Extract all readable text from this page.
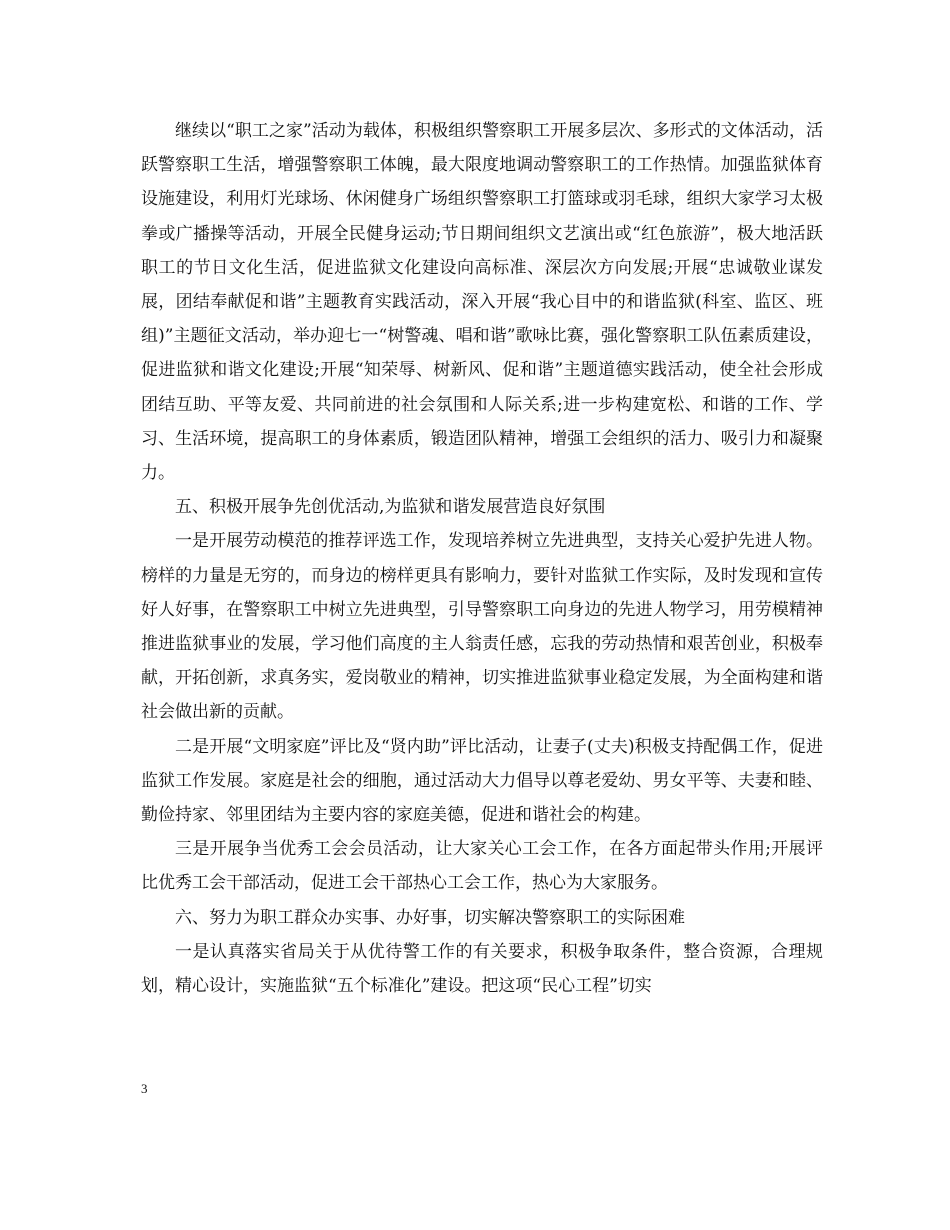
继续以“职工之家”活动为载体，积极组织警察职工开展多层次、多形式的文体活动，活跃警察职工生活，增强警察职工体魄，最大限度地调动警察职工的工作热情。加强监狱体育设施建设，利用灯光球场、休闲健身广场组织警察职工打篮球或羽毛球，组织大家学习太极拳或广播操等活动，开展全民健身运动;节日期间组织文艺演出或“红色旅游”，极大地活跃职工的节日文化生活，促进监狱文化建设向高标准、深层次方向发展;开展“忠诚敬业谋发展，团结奉献促和谐”主题教育实践活动，深入开展“我心目中的和谐监狱(科室、监区、班组)”主题征文活动，举办迎七一“树警魂、唱和谐”歌咏比赛，强化警察职工队伍素质建设，促进监狱和谐文化建设;开展“知荣辱、树新风、促和谐”主题道德实践活动，使全社会形成团结互助、平等友爱、共同前进的社会氛围和人际关系;进一步构建宽松、和谐的工作、学习、生活环境，提高职工的身体素质，锻造团队精神，增强工会组织的活力、吸引力和凝聚力。

五、积极开展争先创优活动,为监狱和谐发展营造良好氛围

一是开展劳动模范的推荐评选工作，发现培养树立先进典型，支持关心爱护先进人物。榜样的力量是无穷的，而身边的榜样更具有影响力，要针对监狱工作实际，及时发现和宣传好人好事，在警察职工中树立先进典型，引导警察职工向身边的先进人物学习，用劳模精神推进监狱事业的发展，学习他们高度的主人翁责任感，忘我的劳动热情和艰苦创业，积极奉献，开拓创新，求真务实，爱岗敬业的精神，切实推进监狱事业稳定发展，为全面构建和谐社会做出新的贡献。

二是开展“文明家庭”评比及“贤内助”评比活动，让妻子(丈夫)积极支持配偶工作，促进监狱工作发展。家庭是社会的细胞，通过活动大力倡导以尊老爱幼、男女平等、夫妻和睦、勤俭持家、邻里团结为主要内容的家庭美德，促进和谐社会的构建。

三是开展争当优秀工会会员活动，让大家关心工会工作，在各方面起带头作用;开展评比优秀工会干部活动，促进工会干部热心工会工作，热心为大家服务。

六、努力为职工群众办实事、办好事，切实解决警察职工的实际困难

一是认真落实省局关于从优待警工作的有关要求，积极争取条件，整合资源，合理规划，精心设计，实施监狱“五个标准化”建设。把这项“民心工程”切实

3
